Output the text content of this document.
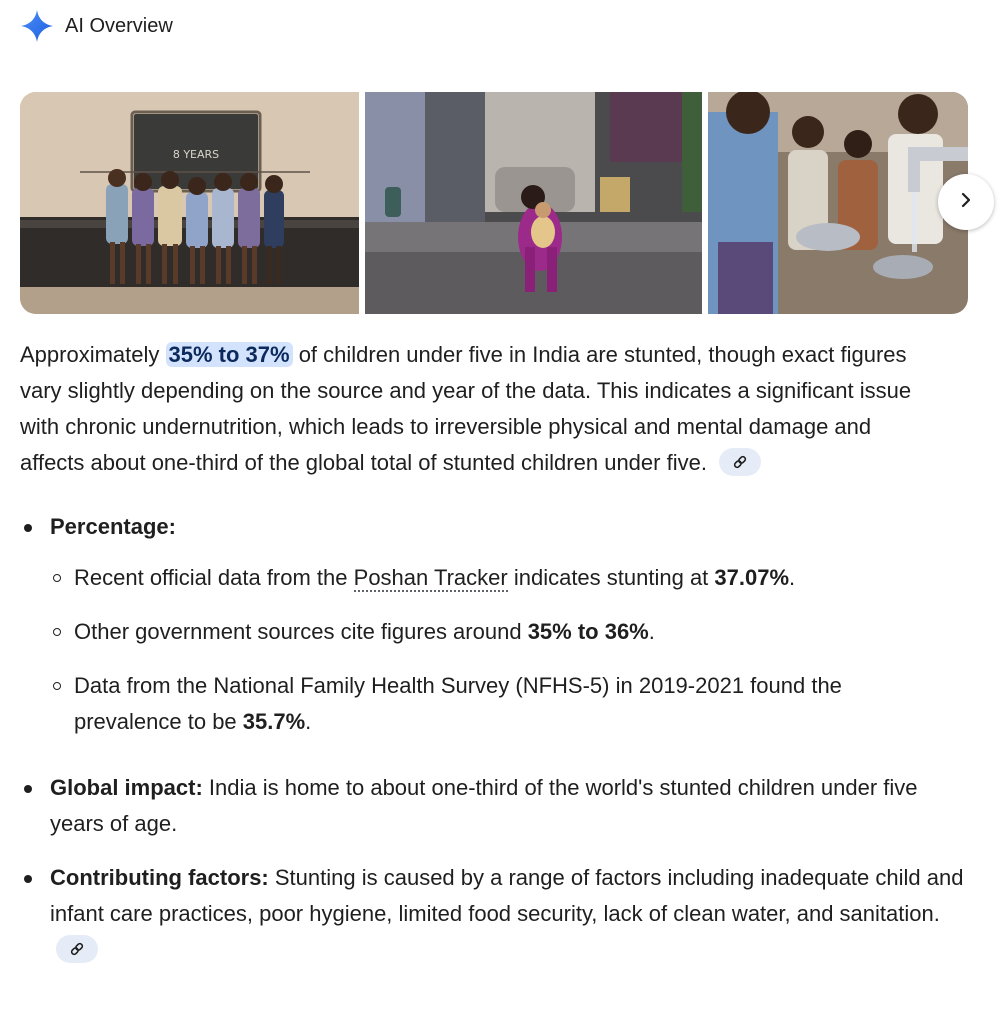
AI Overview
8 YEARS

Approximately 35% to 37% of children under five in India are stunted, though exact figures vary slightly depending on the source and year of the data. This indicates a significant issue with chronic undernutrition, which leads to irreversible physical and mental damage and affects about one-third of the global total of stunted children under five.

Percentage:
Recent official data from the Poshan Tracker indicates stunting at 37.07%.
Other government sources cite figures around 35% to 36%.
Data from the National Family Health Survey (NFHS-5) in 2019-2021 found the prevalence to be 35.7%.
Global impact: India is home to about one-third of the world's stunted children under five years of age.
Contributing factors: Stunting is caused by a range of factors including inadequate child and infant care practices, poor hygiene, limited food security, lack of clean water, and sanitation.
